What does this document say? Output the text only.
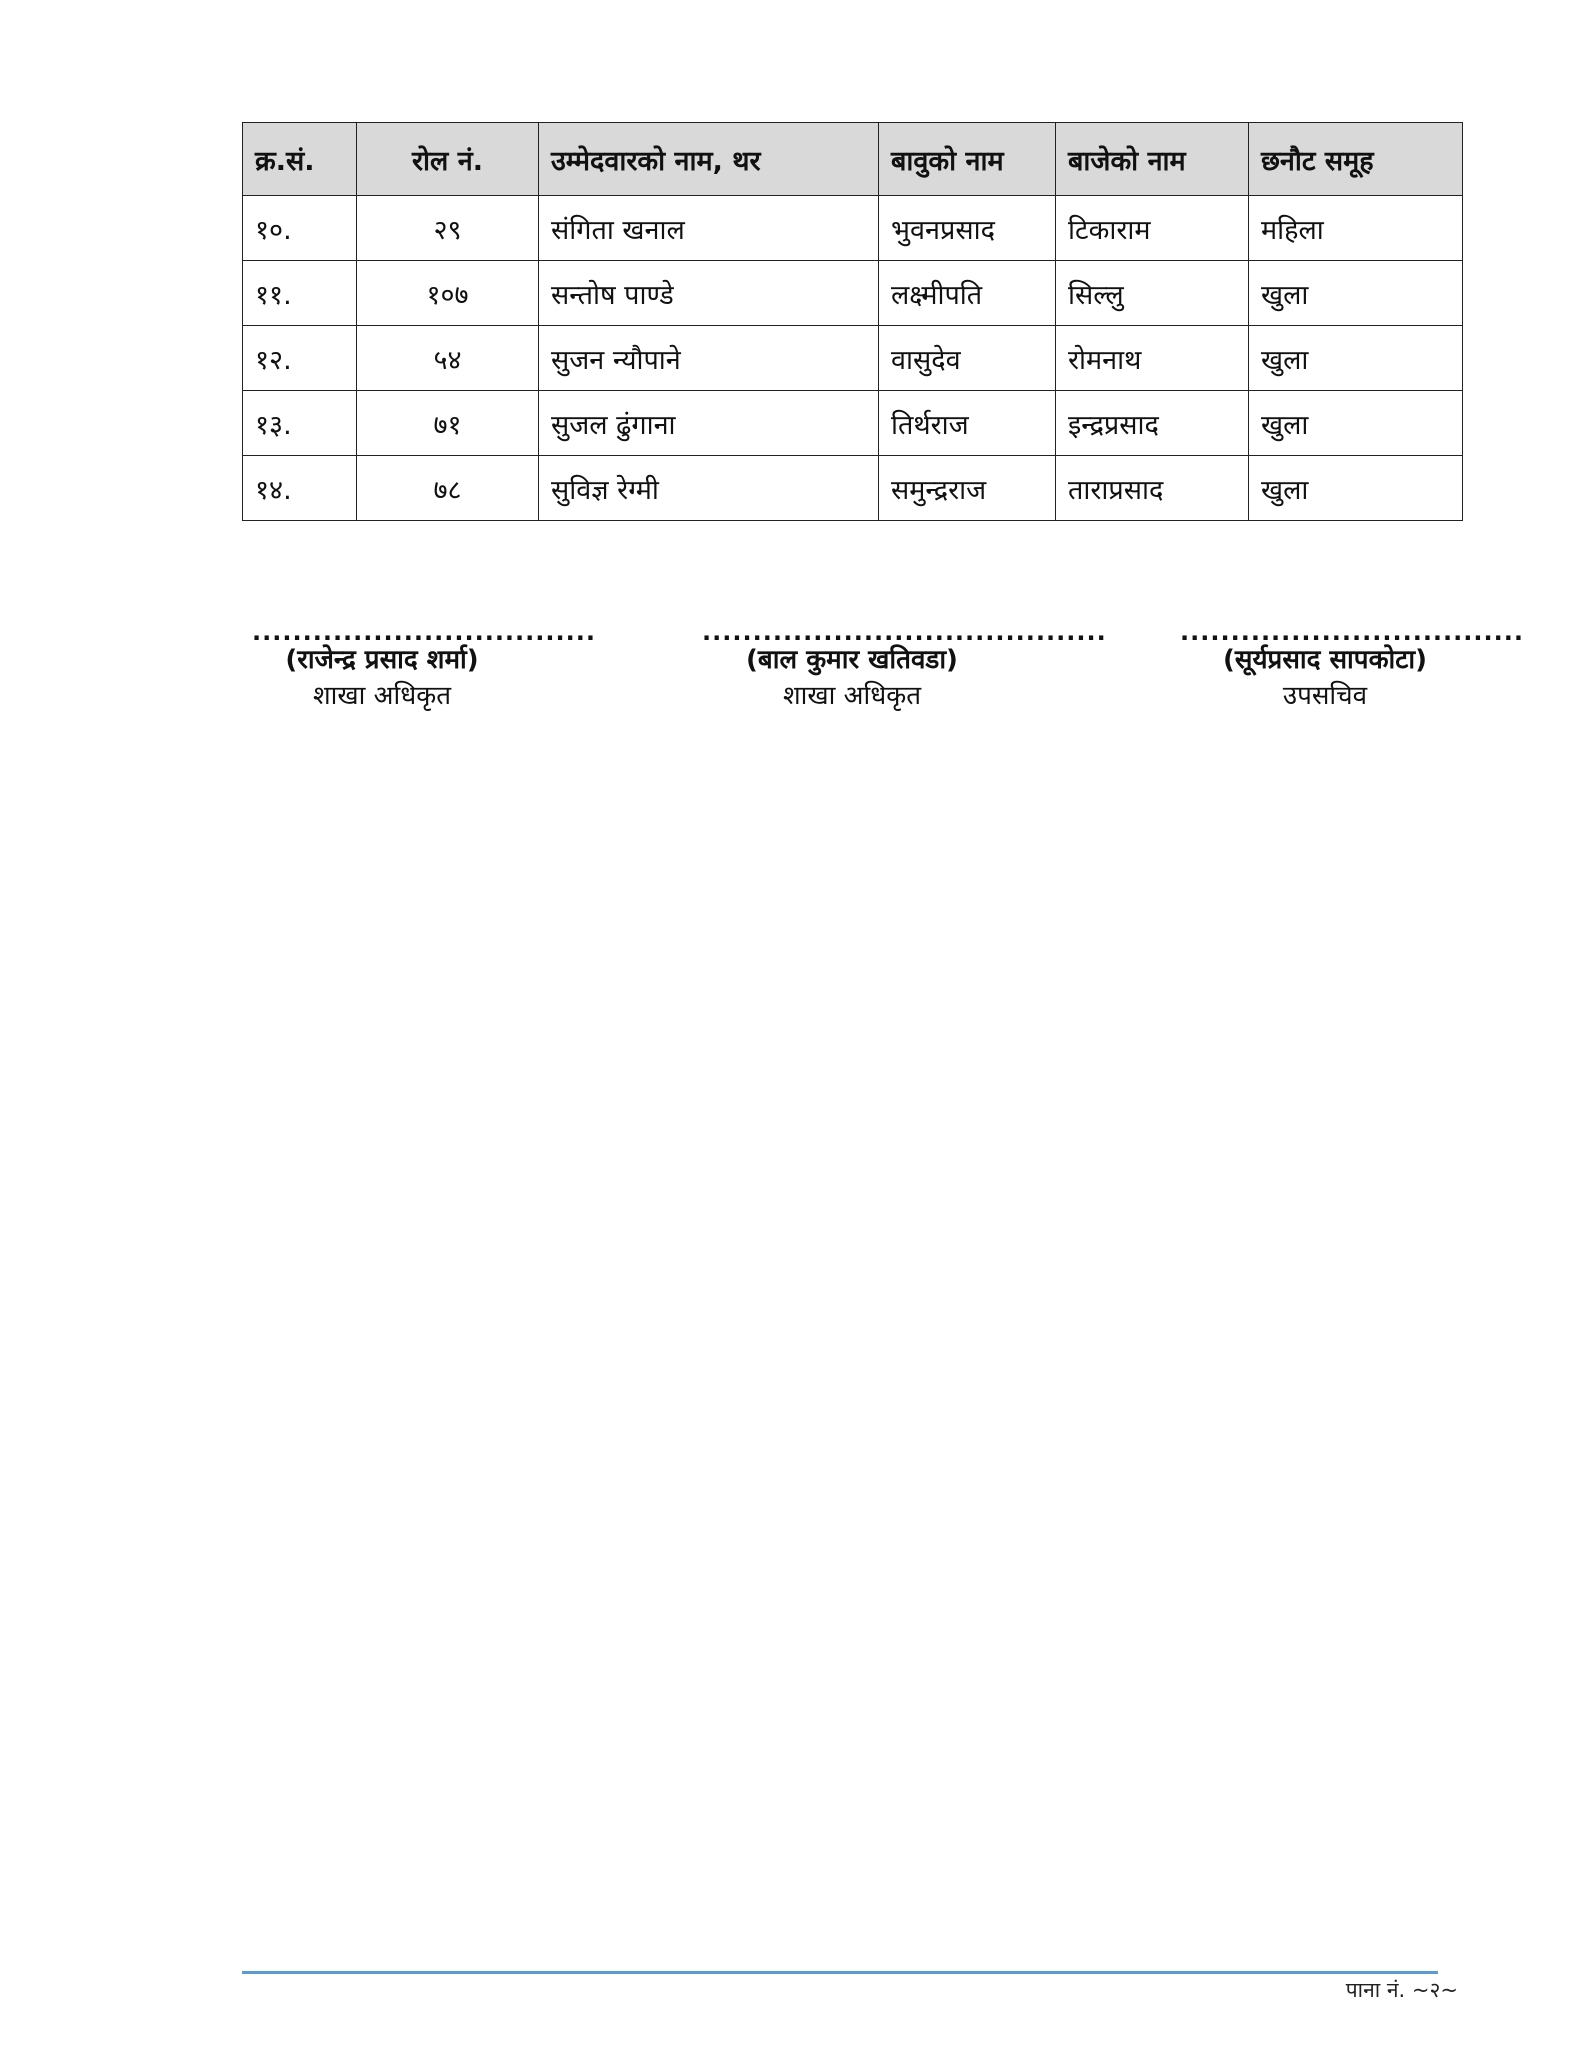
क्र.सं.	रोल नं.	उम्मेदवारको नाम, थर	बावुको नाम	बाजेको नाम	छनौट समूह
१०.	२९	संगिता खनाल	भुवनप्रसाद	टिकाराम	महिला
११.	१०७	सन्तोष पाण्डे	लक्ष्मीपति	सिल्लु	खुला
१२.	५४	सुजन न्यौपाने	वासुदेव	रोमनाथ	खुला
१३.	७१	सुजल ढुंगाना	तिर्थराज	इन्द्रप्रसाद	खुला
१४.	७८	सुविज्ञ रेग्मी	समुन्द्रराज	ताराप्रसाद	खुला
..................................
(राजेन्द्र प्रसाद शर्मा)
शाखा अधिकृत
........................................
(बाल कुमार खतिवडा)
शाखा अधिकृत
..................................
(सूर्यप्रसाद सापकोटा)
उपसचिव
पाना नं. ~२~
